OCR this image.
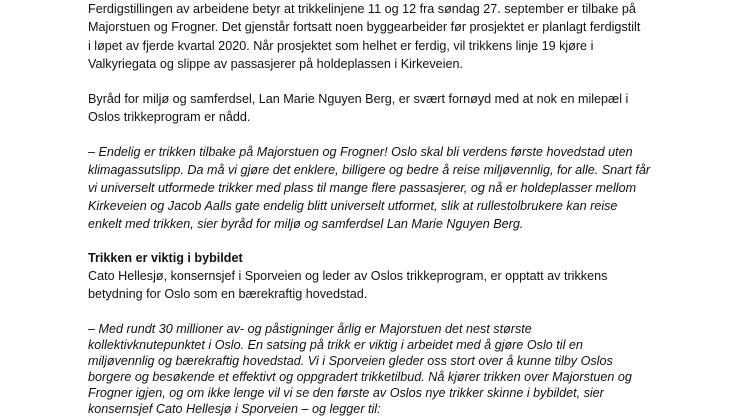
Ferdigstillingen av arbeidene betyr at trikkelinjene 11 og 12 fra søndag 27. september er tilbake på
Majorstuen og Frogner. Det gjenstår fortsatt noen byggearbeider før prosjektet er planlagt ferdigstilt
i løpet av fjerde kvartal 2020. Når prosjektet som helhet er ferdig, vil trikkens linje 19 kjøre i
Valkyriegata og slippe av passasjerer på holdeplassen i Kirkeveien.
Byråd for miljø og samferdsel, Lan Marie Nguyen Berg, er svært fornøyd med at nok en milepæl i
Oslos trikkeprogram er nådd.
– Endelig er trikken tilbake på Majorstuen og Frogner! Oslo skal bli verdens første hovedstad uten
klimagassutslipp. Da må vi gjøre det enklere, billigere og bedre å reise miljøvennlig, for alle. Snart får
vi universelt utformede trikker med plass til mange flere passasjerer, og nå er holdeplasser mellom
Kirkeveien og Jacob Aalls gate endelig blitt universelt utformet, slik at rullestolbrukere kan reise
enkelt med trikken, sier byråd for miljø og samferdsel Lan Marie Nguyen Berg.
Trikken er viktig i bybildet
Cato Hellesjø, konsernsjef i Sporveien og leder av Oslos trikkeprogram, er opptatt av trikkens
betydning for Oslo som en bærekraftig hovedstad.
– Med rundt 30 millioner av- og påstigninger årlig er Majorstuen det nest største
kollektivknutepunktet i Oslo. En satsing på trikk er viktig i arbeidet med å gjøre Oslo til en
miljøvennlig og bærekraftig hovedstad. Vi i Sporveien gleder oss stort over å kunne tilby Oslos
borgere og besøkende et effektivt og oppgradert trikketilbud. Nå kjører trikken over Majorstuen og
Frogner igjen, og om ikke lenge vil vi se den første av Oslos nye trikker skinne i bybildet, sier
konsernsjef Cato Hellesjø i Sporveien – og legger til:
